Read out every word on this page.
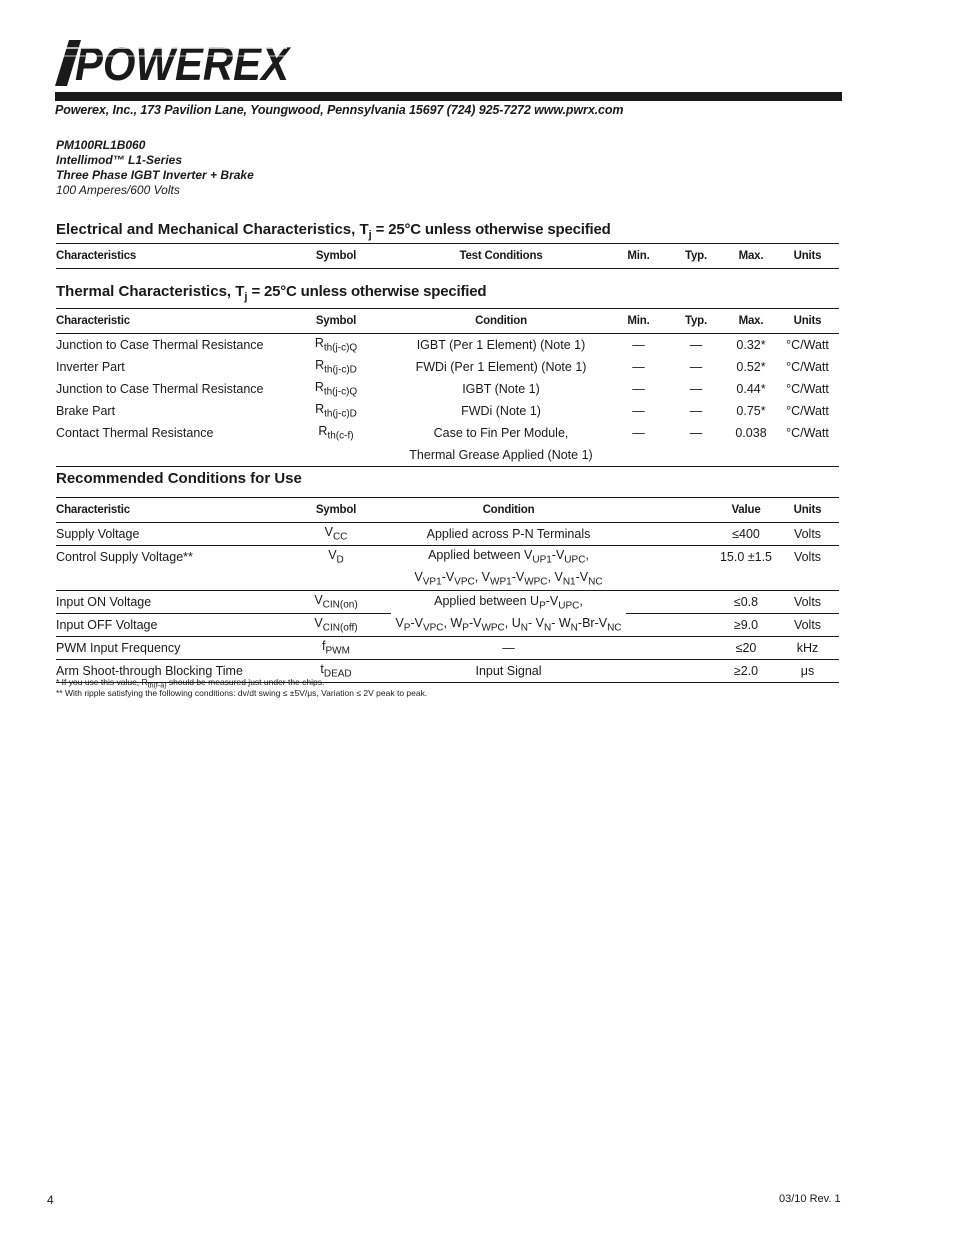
POWEREX
Powerex, Inc., 173 Pavilion Lane, Youngwood, Pennsylvania 15697 (724) 925-7272 www.pwrx.com
PM100RL1B060
Intellimod™ L1-Series
Three Phase IGBT Inverter + Brake
100 Amperes/600 Volts
Electrical and Mechanical Characteristics, $T_j = 25^\circ C$ unless otherwise specified
Characteristics	Symbol	Test Conditions	Min.	Typ.	Max.	Units
Thermal Characteristics, $T_j = 25^\circ C$ unless otherwise specified
Characteristic	Symbol	Condition	Min.	Typ.	Max.	Units
Junction to Case Thermal Resistance	$R_{th(j-c)Q}$	IGBT (Per 1 Element) (Note 1)	—	—	0.32*	°C/Watt
Inverter Part	$R_{th(j-c)D}$	FWDi (Per 1 Element) (Note 1)	—	—	0.52*	°C/Watt
Junction to Case Thermal Resistance	$R_{th(j-c)Q}$	IGBT (Note 1)	—	—	0.44*	°C/Watt
Brake Part	$R_{th(j-c)D}$	FWDi (Note 1)	—	—	0.75*	°C/Watt
Contact Thermal Resistance	$R_{th(c-f)}$	Case to Fin Per Module,	—	—	0.038	°C/Watt
		Thermal Grease Applied (Note 1)				
Recommended Conditions for Use
Characteristic	Symbol	Condition		Value	Units
Supply Voltage	$V_{CC}$	Applied across P-N Terminals		≤400	Volts
Control Supply Voltage**	$V_D$	Applied between $V_{UP1}-V_{UPC}$,		15.0 ±1.5	Volts
		$V_{VP1}-V_{VPC}$, $V_{WP1}-V_{WPC}$, $V_{N1}-V_{NC}$			
Input ON Voltage	$V_{CIN(on)}$	Applied between $U_P-V_{UPC}$,		≤0.8	Volts
Input OFF Voltage	$V_{CIN(off)}$	$V_P-V_{VPC}$, $W_P-V_{WPC}$, $U_N-$ $V_N-$ $W_N-Br-V_{NC}$		≥9.0	Volts
PWM Input Frequency	$f_{PWM}$	—		≤20	kHz
Arm Shoot-through Blocking Time	$t_{DEAD}$	Input Signal		≥2.0	μs
* If you use this value, $R_{th(f-a)}$ should be measured just under the chips.
** With ripple satisfying the following conditions: dv/dt swing ≤ ±5V/μs, Variation ≤ 2V peak to peak.
4	03/10 Rev. 1
